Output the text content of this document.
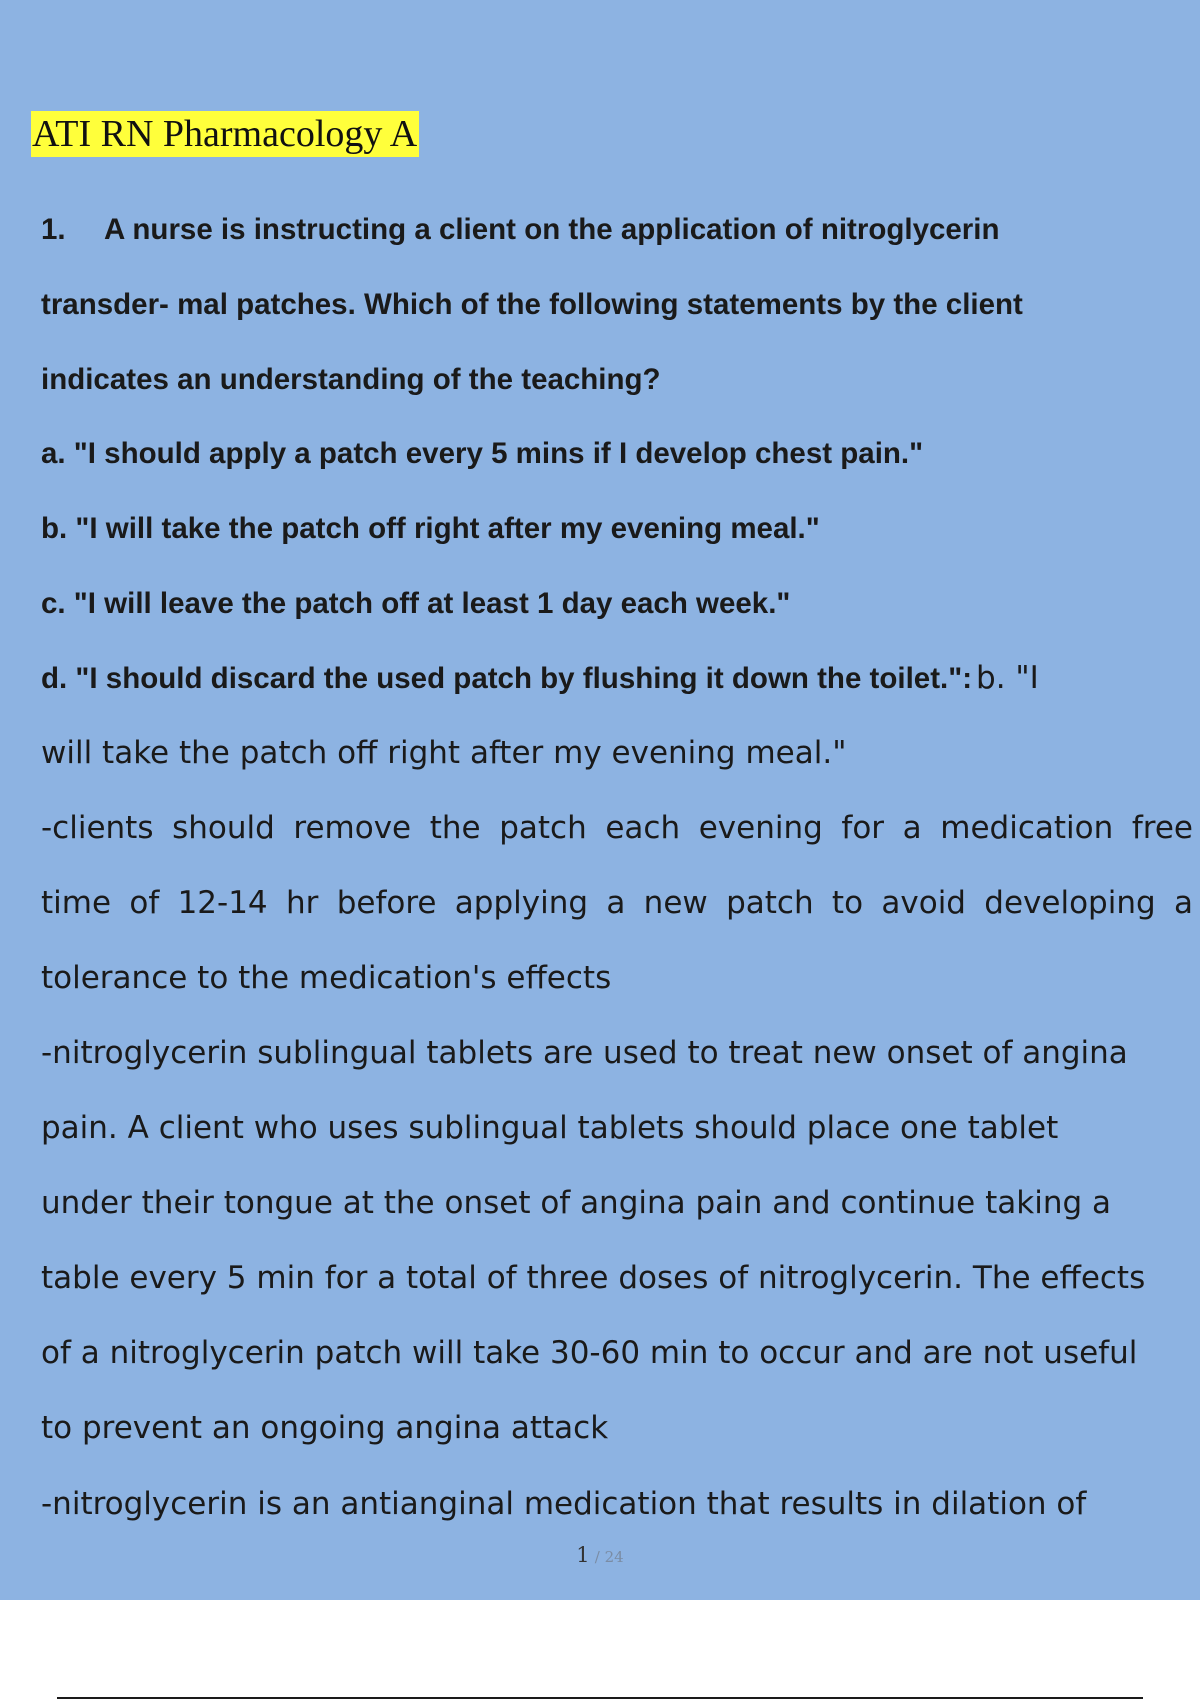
ATI RN Pharmacology A
1. A nurse is instructing a client on the application of nitroglycerin
transder- mal patches. Which of the following statements by the client
indicates an understanding of the teaching?
a. "I should apply a patch every 5 mins if I develop chest pain."
b. "I will take the patch off right after my evening meal."
c. "I will leave the patch off at least 1 day each week."
d. "I should discard the used patch by flushing it down the toilet.": b. "I
will take the patch off right after my evening meal."
-clients should remove the patch each evening for a medication free
time of 12-14 hr before applying a new patch to avoid developing a
tolerance to the medication's effects
-nitroglycerin sublingual tablets are used to treat new onset of angina
pain. A client who uses sublingual tablets should place one tablet
under their tongue at the onset of angina pain and continue taking a
table every 5 min for a total of three doses of nitroglycerin. The effects
of a nitroglycerin patch will take 30-60 min to occur and are not useful
to prevent an ongoing angina attack
-nitroglycerin is an antianginal medication that results in dilation of
1 / 24
